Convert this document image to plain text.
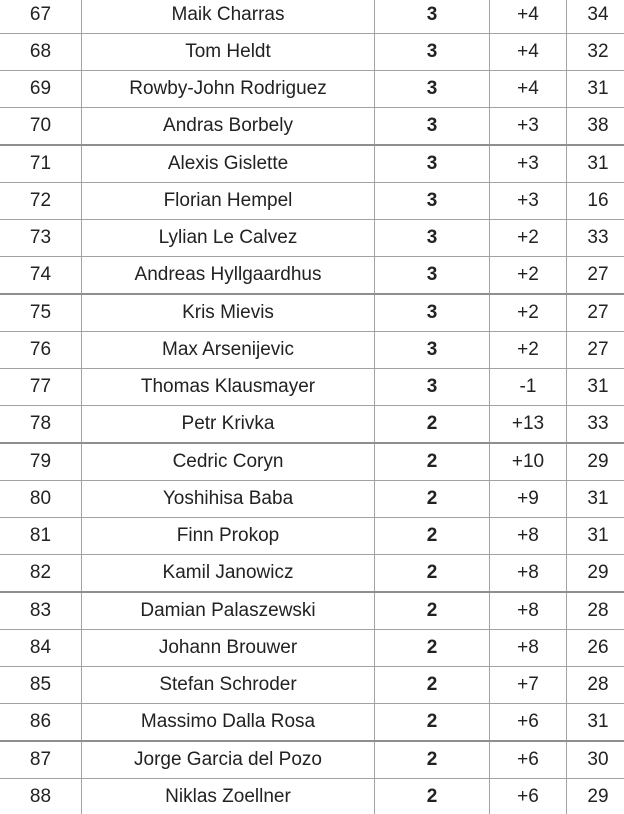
67	Maik Charras	3	+4	34
68	Tom Heldt	3	+4	32
69	Rowby-John Rodriguez	3	+4	31
70	Andras Borbely	3	+3	38
71	Alexis Gislette	3	+3	31
72	Florian Hempel	3	+3	16
73	Lylian Le Calvez	3	+2	33
74	Andreas Hyllgaardhus	3	+2	27
75	Kris Mievis	3	+2	27
76	Max Arsenijevic	3	+2	27
77	Thomas Klausmayer	3	-1	31
78	Petr Krivka	2	+13	33
79	Cedric Coryn	2	+10	29
80	Yoshihisa Baba	2	+9	31
81	Finn Prokop	2	+8	31
82	Kamil Janowicz	2	+8	29
83	Damian Palaszewski	2	+8	28
84	Johann Brouwer	2	+8	26
85	Stefan Schroder	2	+7	28
86	Massimo Dalla Rosa	2	+6	31
87	Jorge Garcia del Pozo	2	+6	30
88	Niklas Zoellner	2	+6	29
